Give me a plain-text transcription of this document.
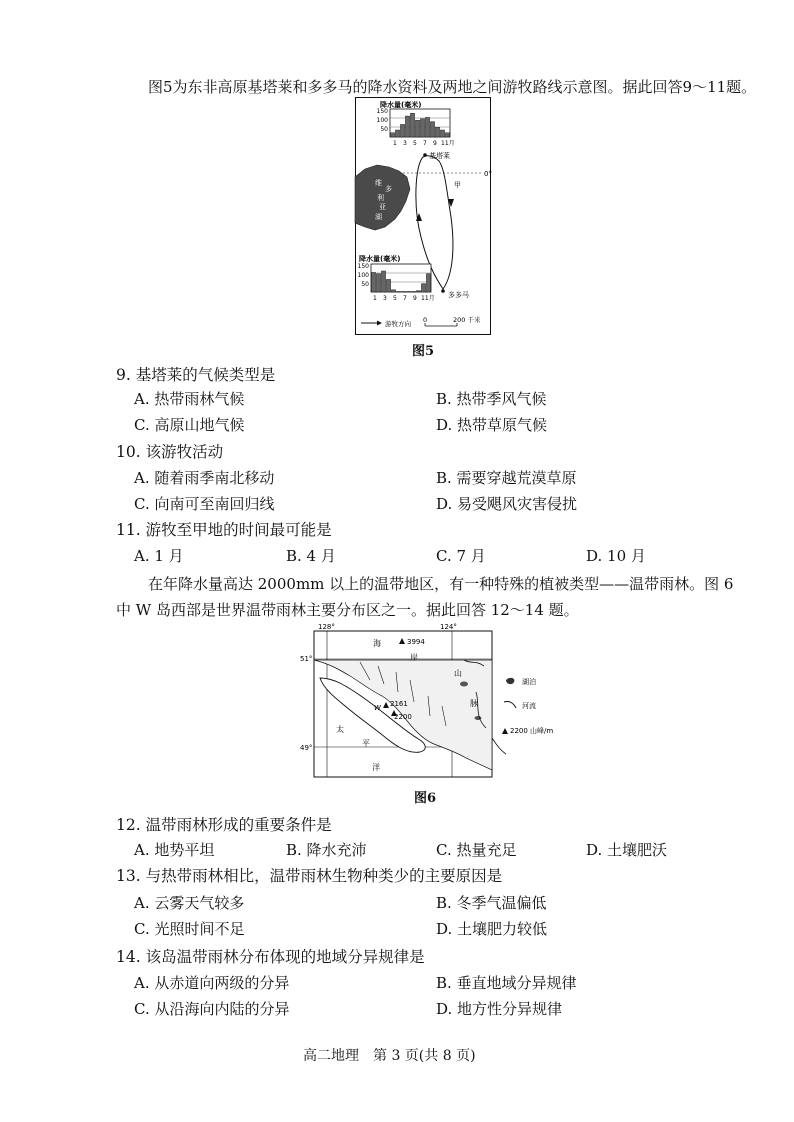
图5为东非高原基塔莱和多多马的降水资料及两地之间游牧路线示意图。据此回答9～11题。
降水量(毫米)
150
100
50
1 3 5 7 9 11月
基塔莱
0°
维
多
利
亚
湖
甲
降水量(毫米)
150
100
50
1 3 5 7 9 11月 多多马
游牧方向 0	200 千米
图5
9. 基塔莱的气候类型是
A. 热带雨林气候	B. 热带季风气候
C. 高原山地气候	D. 热带草原气候
10. 该游牧活动
A. 随着雨季南北移动	B. 需要穿越荒漠草原
C. 向南可至南回归线	D. 易受飓风灾害侵扰
11. 游牧至甲地的时间最可能是
A. 1 月	B. 4 月	C. 7 月	D. 10 月
在年降水量高达 2000mm 以上的温带地区，有一种特殊的植被类型——温带雨林。图 6
中 W 岛西部是世界温带雨林主要分布区之一。据此回答 12～14 题。
128°	124°
51°
49°
3994
2161
2200
W
海
岸
山
脉
太
平
洋
湖泊
河流
2200 山峰/m
图6
12. 温带雨林形成的重要条件是
A. 地势平坦	B. 降水充沛	C. 热量充足	D. 土壤肥沃
13. 与热带雨林相比，温带雨林生物种类少的主要原因是
A. 云雾天气较多	B. 冬季气温偏低
C. 光照时间不足	D. 土壤肥力较低
14. 该岛温带雨林分布体现的地域分异规律是
A. 从赤道向两级的分异	B. 垂直地域分异规律
C. 从沿海向内陆的分异	D. 地方性分异规律
高二地理　第 3 页(共 8 页)
